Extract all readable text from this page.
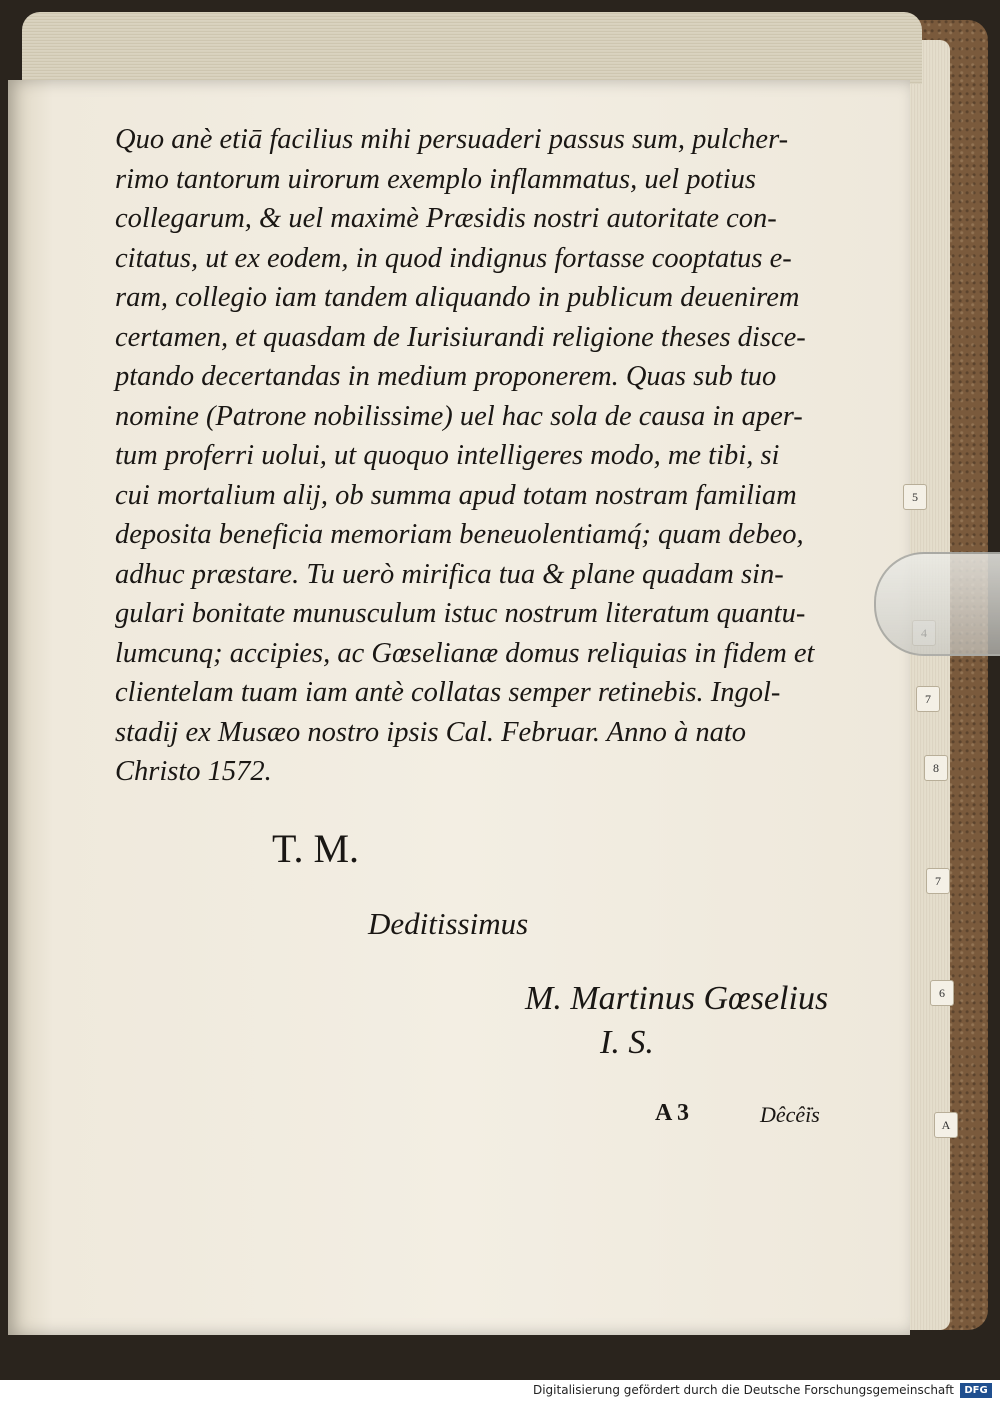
5
7
8
7
6
A
Quo anè etiā facilius mihi persuaderi passus sum, pulcher-
rimo tantorum uirorum exemplo inflammatus, uel potius
collegarum, & uel maximè Præsidis nostri autoritate con-
citatus, ut ex eodem, in quod indignus fortasse cooptatus e-
ram, collegio iam tandem aliquando in publicum deuenirem
certamen, et quasdam de Iurisiurandi religione theses disce-
ptando decertandas in medium proponerem. Quas sub tuo
nomine (Patrone nobilissime) uel hac sola de causa in aper-
tum proferri uolui, ut quoquo intelligeres modo, me tibi, si
cui mortalium alij, ob summa apud totam nostram familiam
deposita beneficia memoriam beneuolentiamq́; quam debeo,
adhuc præstare. Tu uerò mirifica tua & plane quadam sin-
gulari bonitate munusculum istuc nostrum literatum quantu-
lumcunq; accipies, ac Gœselianæ domus reliquias in fidem et
clientelam tuam iam antè collatas semper retinebis. Ingol-
stadij ex Musæo nostro ipsis Cal. Februar. Anno à nato
Christo 1572.
T. M.
Deditissimus
M. Martinus Gœselius
I. S.
A 3	Dêcê̈is
Digitalisierung gefördert durch die Deutsche Forschungsgemeinschaft	DFG
